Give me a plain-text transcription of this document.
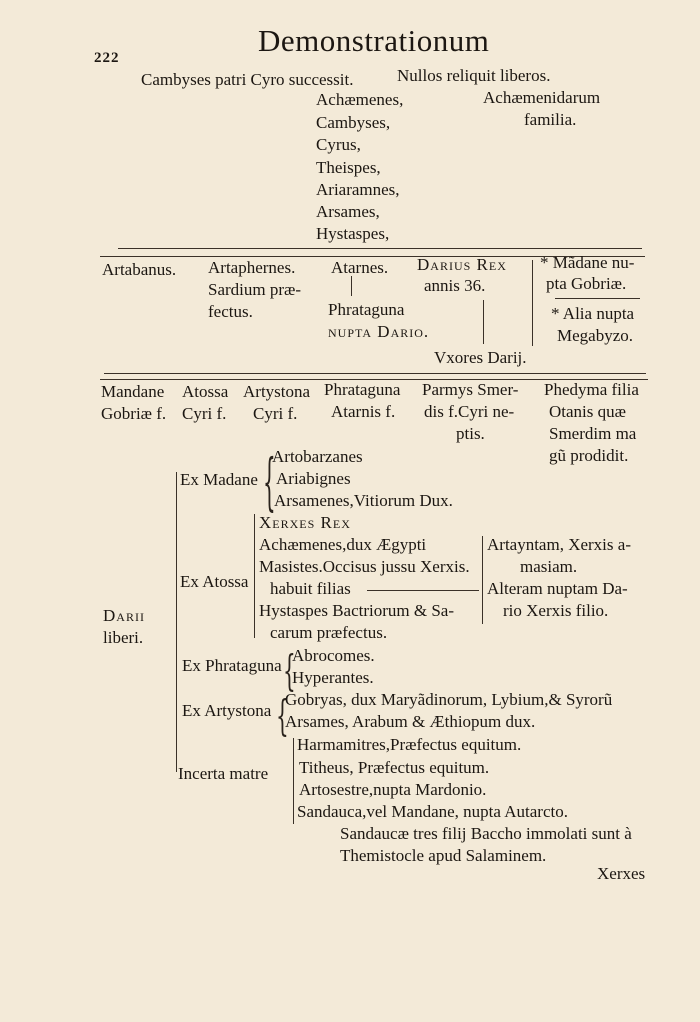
222	Demonstrationum
Cambyses patri Cyro successit.	Nullos reliquit liberos.
Achæmenidarum
familia.
Achæmenes,
Cambyses,
Cyrus,
Theispes,
Ariaramnes,
Arsames,
Hystaspes,
Artabanus. Artaphernes.
Sardium præ-
fectus.
Atarnes.
Phrataguna
nupta Dario.
Darius Rex
annis 36.
* Mãdane nu-
pta Gobriæ.
* Alia nupta
Megabyzo.
Vxores Darij.
Mandane
Gobriæ f.
Atossa
Cyri f.
Artystona
Cyri f.
Phrataguna
Atarnis f.
Parmys Smer-
dis f.Cyri ne-
ptis.
Phedyma filia
Otanis quæ
Smerdim ma
gũ prodidit.
Darii
liberi.
{
Ex Madane
Artobarzanes
Ariabignes
Arsamenes,Vitiorum Dux.
Ex Atossa
Xerxes Rex
Achæmenes,dux Ægypti
Masistes.Occisus jussu Xerxis.
habuit filias
Hystaspes Bactriorum & Sa-
carum præfectus.
Artayntam, Xerxis a-
masiam.
Alteram nuptam Da-
rio Xerxis filio.
{
Ex Phrataguna
Abrocomes.
Hyperantes.
{
Ex Artystona
Gobryas, dux Maryãdinorum, Lybium,& Syrorũ
Arsames, Arabum & Æthiopum dux.
Incerta matre
Harmamitres,Præfectus equitum.
Titheus, Præfectus equitum.
Artosestre,nupta Mardonio.
Sandauca,vel Mandane, nupta Autarcto.
Sandaucæ tres filij Baccho immolati sunt à
Themistocle apud Salaminem.
Xerxes
